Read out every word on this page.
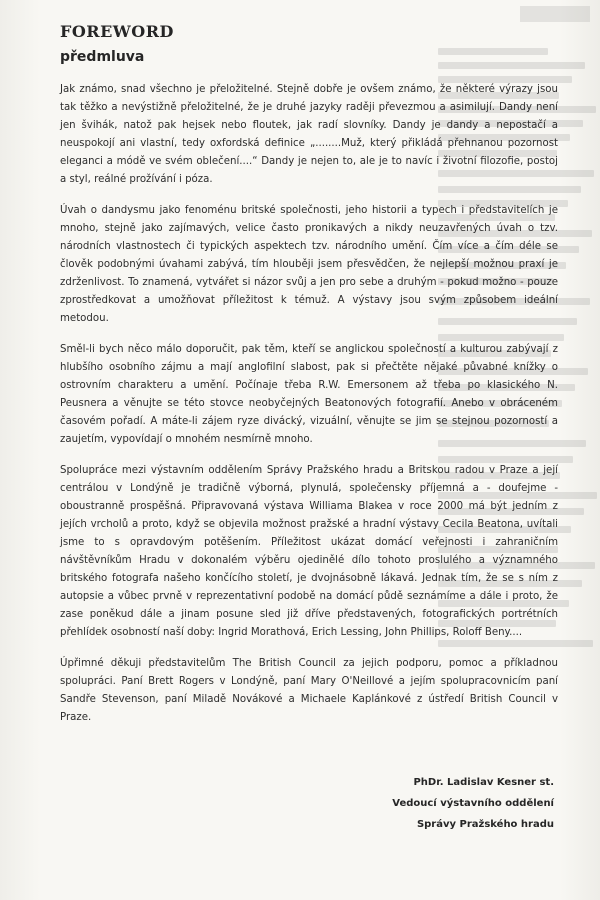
foreword
předmluva

Jak známo, snad všechno je přeložitelné. Stejně dobře je ovšem známo, že některé výrazy jsou tak těžko a nevýstižně přeložitelné, že je druhé jazyky raději převezmou a asimilují. Dandy není jen švihák, natož pak hejsek nebo floutek, jak radí slovníky. Dandy je dandy a nepostačí a neuspokojí ani vlastní, tedy oxfordská definice „........Muž, který přikládá přehnanou pozornost eleganci a módě ve svém oblečení....“ Dandy je nejen to, ale je to navíc i životní filozofie, postoj a styl, reálné prožívání i póza.

Úvah o dandysmu jako fenoménu britské společnosti, jeho historii a typech i představitelích je mnoho, stejně jako zajímavých, velice často pronikavých a nikdy neuzavřených úvah o tzv. národních vlastnostech či typických aspektech tzv. národního umění. Čím více a čím déle se člověk podobnými úvahami zabývá, tím hlouběji jsem přesvědčen, že nejlepší možnou praxí je zdrženlivost. To znamená, vytvářet si názor svůj a jen pro sebe a druhým - pokud možno - pouze zprostředkovat a umožňovat příležitost k témuž. A výstavy jsou svým způsobem ideální metodou.

Směl-li bych něco málo doporučit, pak těm, kteří se anglickou společností a kulturou zabývají z hlubšího osobního zájmu a mají anglofilní slabost, pak si přečtěte nějaké půvabné knížky o ostrovním charakteru a umění. Počínaje třeba R.W. Emersonem až třeba po klasického N. Peusnera a věnujte se této stovce neobyčejných Beatonových fotografií. Anebo v obráceném časovém pořadí. A máte-li zájem ryze divácký, vizuální, věnujte se jim se stejnou pozorností a zaujetím, vypovídají o mnohém nesmírně mnoho.

Spolupráce mezi výstavním oddělením Správy Pražského hradu a Britskou radou v Praze a její centrálou v Londýně je tradičně výborná, plynulá, společensky příjemná a - doufejme - oboustranně prospěšná. Připravovaná výstava Williama Blakea v roce 2000 má být jedním z jejích vrcholů a proto, když se objevila možnost pražské a hradní výstavy Cecila Beatona, uvítali jsme to s opravdovým potěšením. Příležitost ukázat domácí veřejnosti i zahraničním návštěvníkům Hradu v dokonalém výběru ojedinělé dílo tohoto proslulého a významného britského fotografa našeho končícího století, je dvojnásobně lákavá. Jednak tím, že se s ním z autopsie a vůbec prvně v reprezentativní podobě na domácí půdě seznámíme a dále i proto, že zase poněkud dále a jinam posune sled již dříve představených, fotografických portrétních přehlídek osobností naší doby: Ingrid Morathová, Erich Lessing, John Phillips, Roloff Beny....

Úpřimné děkuji představitelům The British Council za jejich podporu, pomoc a příkladnou spolupráci. Paní Brett Rogers v Londýně, paní Mary O'Neillové a jejím spolupracovnicím paní Sandře Stevenson, paní Miladě Novákové a Michaele Kaplánkové z ústředí British Council v Praze.

PhDr. Ladislav Kesner st.
Vedoucí výstavního oddělení
Správy Pražského hradu
